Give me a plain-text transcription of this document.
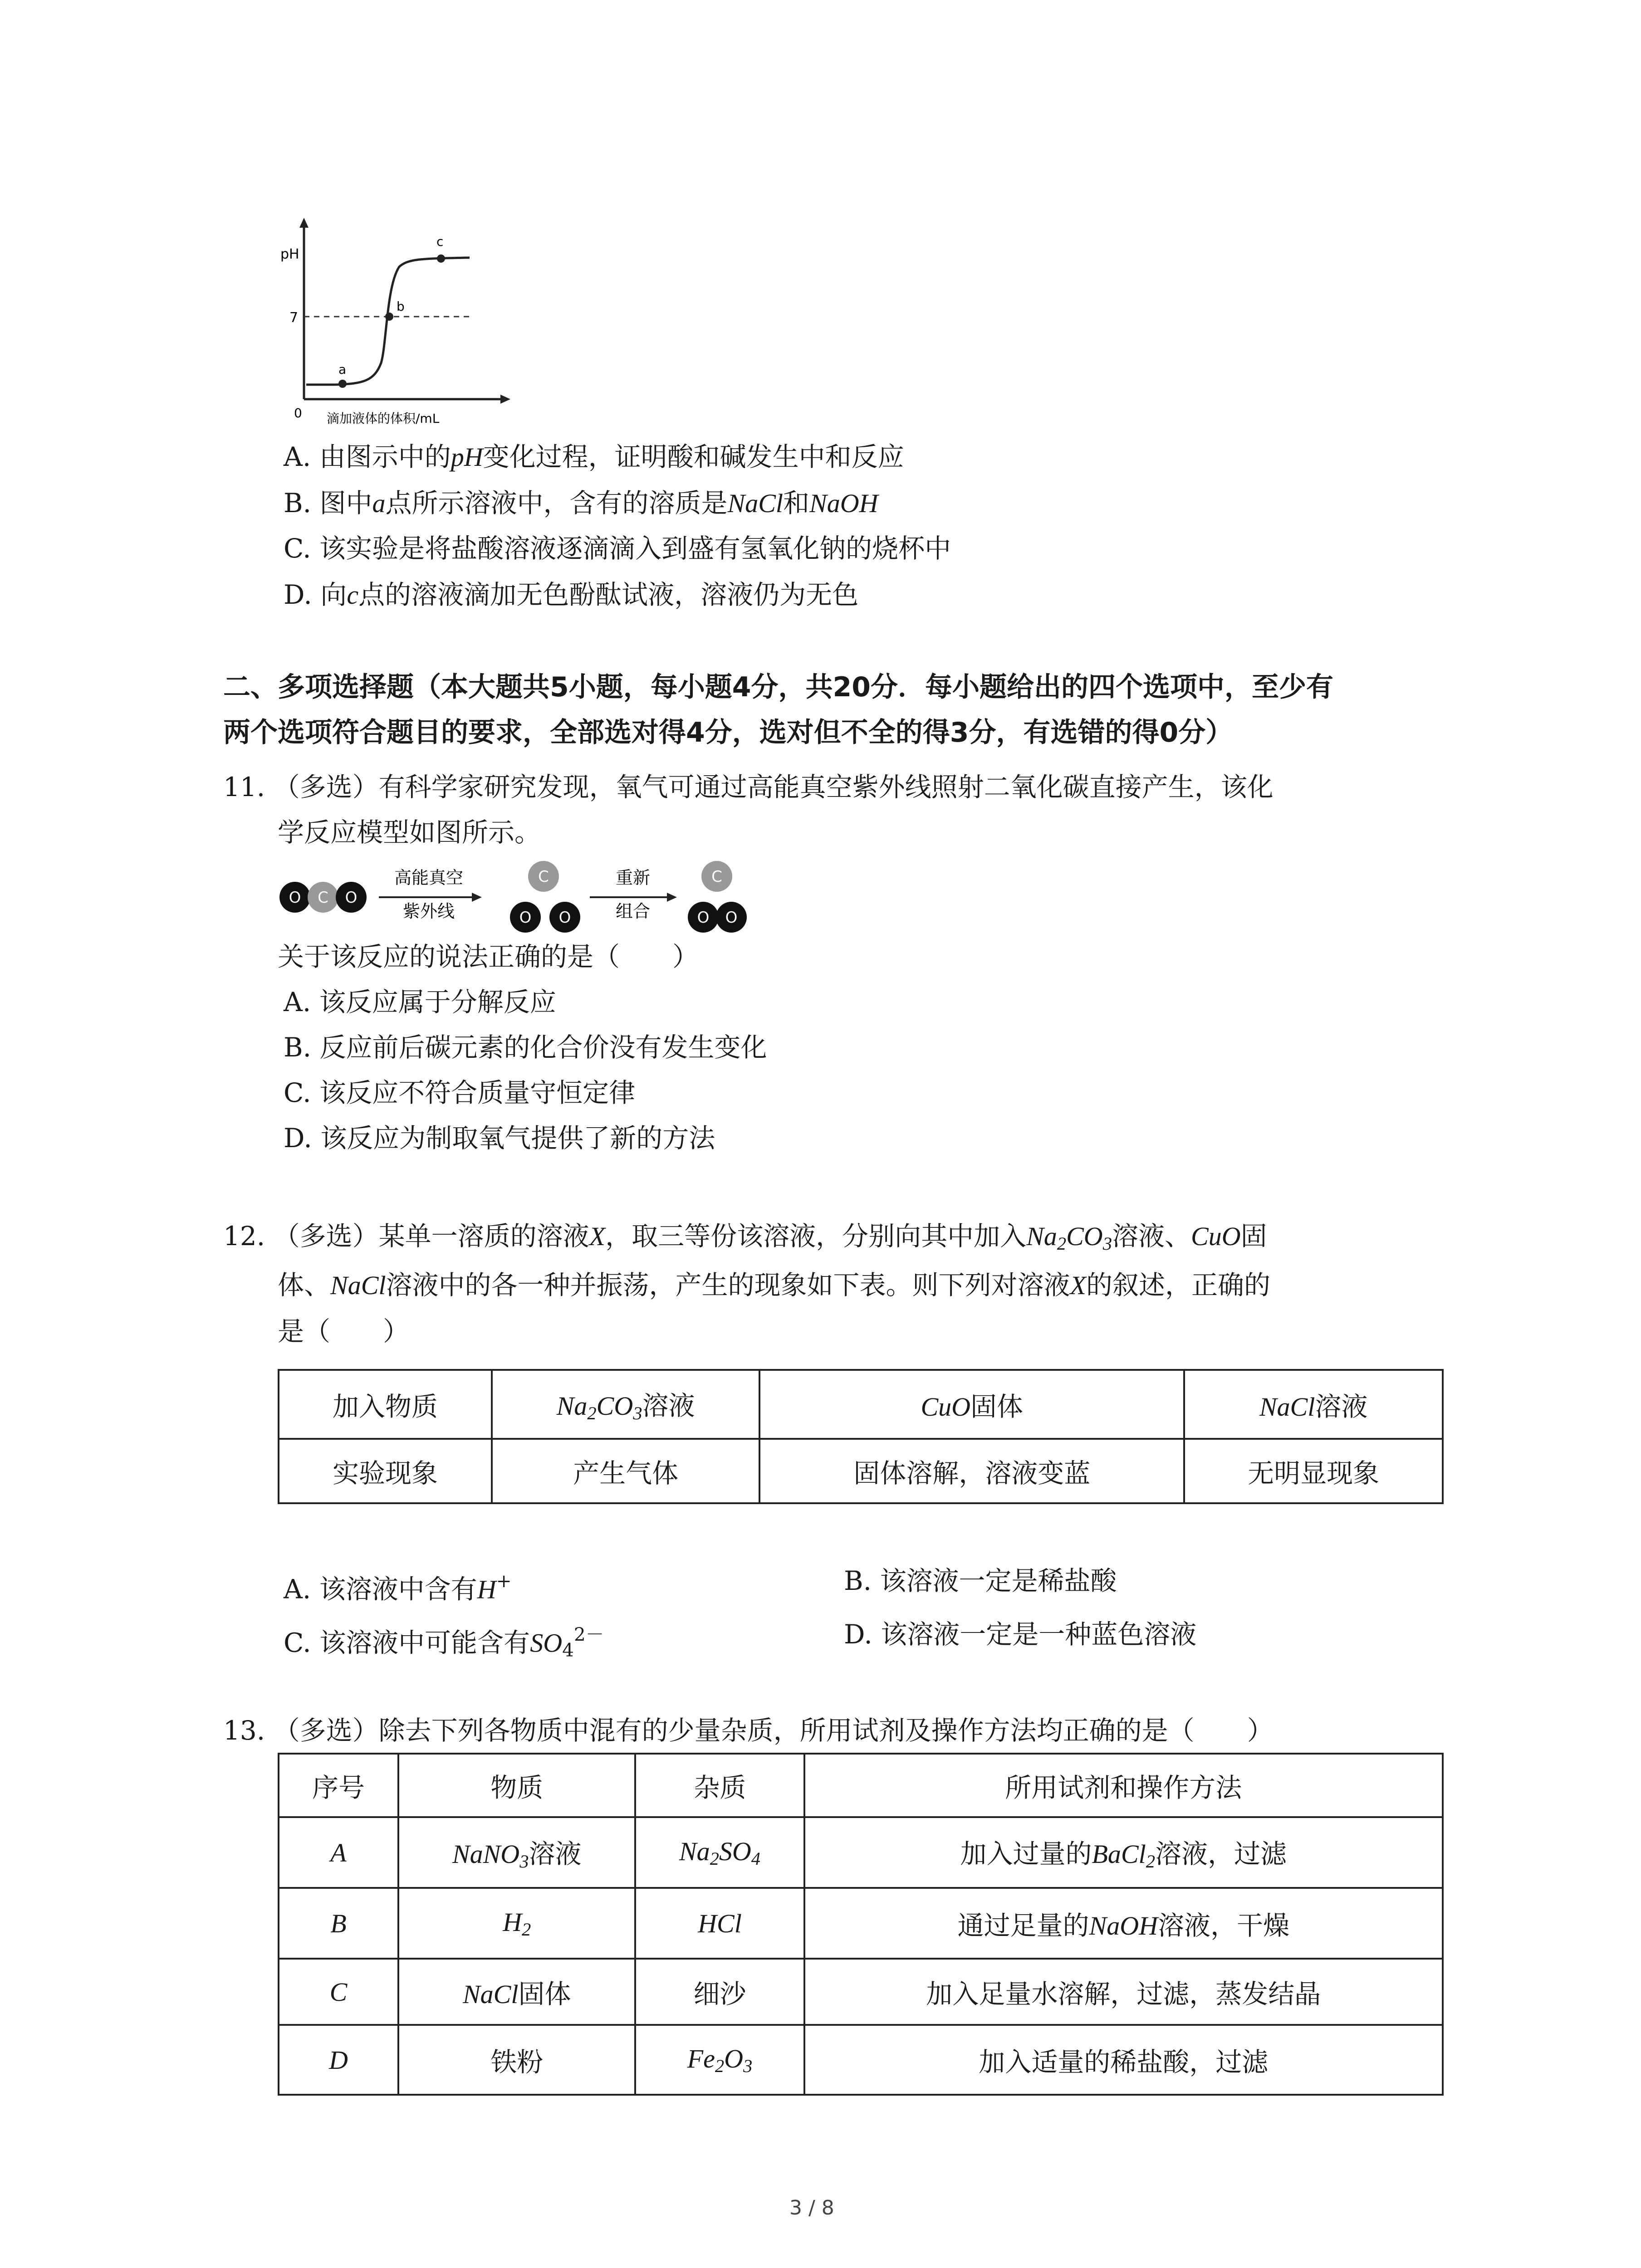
pH
7
0
a
b
c
滴加液体的体积/mL
A. 由图示中的pH变化过程，证明酸和碱发生中和反应
B. 图中a点所示溶液中，含有的溶质是NaCl和NaOH
C. 该实验是将盐酸溶液逐滴滴入到盛有氢氧化钠的烧杯中
D. 向c点的溶液滴加无色酚酞试液，溶液仍为无色
二、多项选择题（本大题共5小题，每小题4分，共20分．每小题给出的四个选项中，至少有
两个选项符合题目的要求，全部选对得4分，选对但不全的得3分，有选错的得0分）
11. （多选）有科学家研究发现，氧气可通过高能真空紫外线照射二氧化碳直接产生，该化
学反应模型如图所示。
O C O
高能真空
紫外线
C
O O
重新
组合
C
O O
关于该反应的说法正确的是（　　）
A. 该反应属于分解反应
B. 反应前后碳元素的化合价没有发生变化
C. 该反应不符合质量守恒定律
D. 该反应为制取氧气提供了新的方法
12. （多选）某单一溶质的溶液X，取三等份该溶液，分别向其中加入$Na_2CO_3$溶液、CuO固
体、NaCl溶液中的各一种并振荡，产生的现象如下表。则下列对溶液X的叙述，正确的
是（　　）
加入物质	$Na_2CO_3$溶液	CuO固体	NaCl溶液
实验现象	产生气体	固体溶解，溶液变蓝	无明显现象
A. 该溶液中含有H+	B. 该溶液一定是稀盐酸
C. 该溶液中可能含有$SO_4^{2-}$	D. 该溶液一定是一种蓝色溶液
13. （多选）除去下列各物质中混有的少量杂质，所用试剂及操作方法均正确的是（　　）
序号	物质	杂质	所用试剂和操作方法
A	NaNO$_3$溶液	$Na_2SO_4$	加入过量的BaCl$_2$溶液，过滤
B	$H_2$	HCl	通过足量的NaOH溶液，干燥
C	NaCl固体	细沙	加入足量水溶解，过滤，蒸发结晶
D	铁粉	$Fe_2O_3$	加入适量的稀盐酸，过滤
3 / 8
